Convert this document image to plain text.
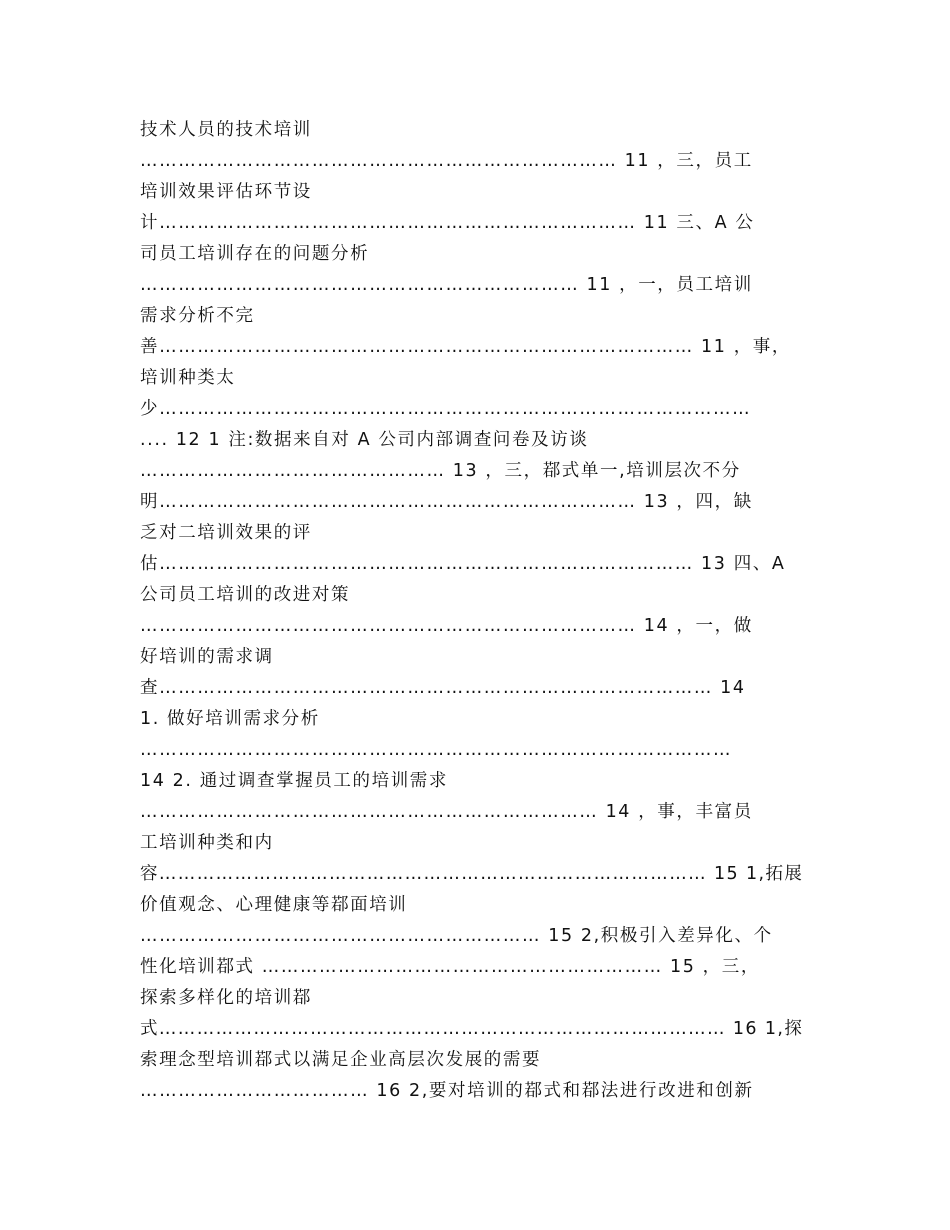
技术人员的技术培训
………………………………………………………………… 11 ，三，员工
培训效果评估环节设
计………………………………………………………………… 11 三、A 公
司员工培训存在的问题分析
…………………………………………………………… 11 ，一，员工培训
需求分析不完
善………………………………………………………………………… 11 ，事，
培训种类太
少…………………………………………………………………………………
.... 12 1 注:数据来自对 A 公司内部调查问卷及访谈
………………………………………… 13 ，三，鄀式单一,培训层次不分
明………………………………………………………………… 13 ，四，缺
乏对二培训效果的评
估………………………………………………………………………… 13 四、A
公司员工培训的改进对策
…………………………………………………………………… 14 ，一，做
好培训的需求调
查…………………………………………………………………………… 14
1. 做好培训需求分析
…………………………………………………………………………………
14 2. 通过调查掌握员工的培训需求
……………………………………………………………… 14 ，事，丰富员
工培训种类和内
容…………………………………………………………………………… 15 1,拓展
价值观念、心理健康等鄀面培训
……………………………………………………… 15 2,积极引入差异化、个
性化培训鄀式 ……………………………………………………… 15 ，三，
探索多样化的培训鄀
式……………………………………………………………………………… 16 1,探
索理念型培训鄀式以满足企业高层次发展的需要
……………………………… 16 2,要对培训的鄀式和鄀法进行改进和创新
